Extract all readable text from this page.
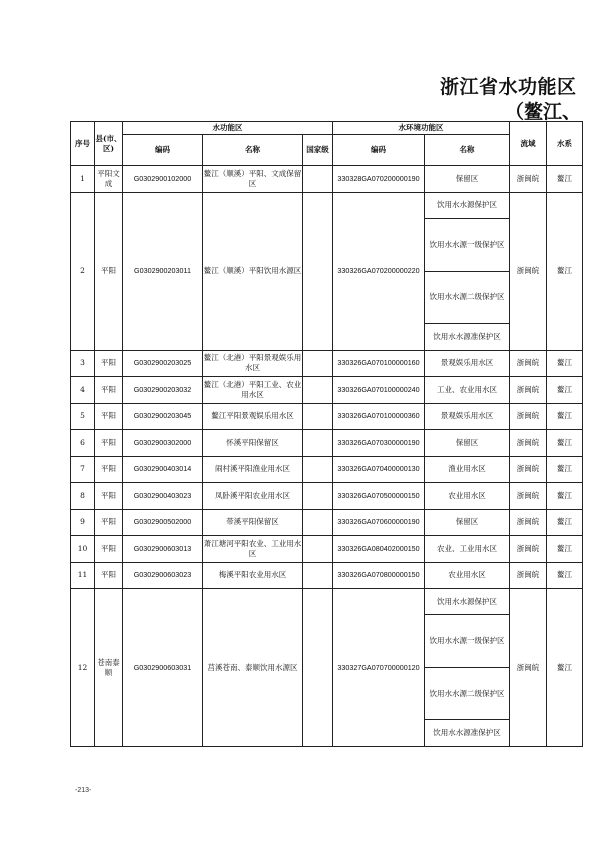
浙江省水功能区
（鳌江、
序号	县(市、区)	水功能区			水环境功能区		流域	水系
		编码	名称	国家级	编码	名称		
1	平阳文成	G0302900102000	鳌江（顺溪）平阳、文成保留区		330328GA070200000190	保留区	浙闽皖	鳌江
2	平阳	G0302900203011	鳌江（顺溪）平阳饮用水源区		330326GA070200000220	饮用水水源保护区	浙闽皖	鳌江
						饮用水水源一级保护区		
						饮用水水源二级保护区		
						饮用水水源准保护区		
3	平阳	G0302900203025	鳌江（北港）平阳景观娱乐用水区		330326GA070100000160	景观娱乐用水区	浙闽皖	鳌江
4	平阳	G0302900203032	鳌江（北港）平阳工业、农业用水区		330326GA070100000240	工业、农业用水区	浙闽皖	鳌江
5	平阳	G0302900203045	鳌江平阳景观娱乐用水区		330326GA070100000360	景观娱乐用水区	浙闽皖	鳌江
6	平阳	G0302900302000	怀溪平阳保留区		330326GA070300000190	保留区	浙闽皖	鳌江
7	平阳	G0302900403014	闹村溪平阳渔业用水区		330326GA070400000130	渔业用水区	浙闽皖	鳌江
8	平阳	G0302900403023	凤卧溪平阳农业用水区		330326GA070500000150	农业用水区	浙闽皖	鳌江
9	平阳	G0302900502000	带溪平阳保留区		330326GA070600000190	保留区	浙闽皖	鳌江
10	平阳	G0302900603013	萧江塘河平阳农业、工业用水区		330326GA080402000150	农业、工业用水区	浙闽皖	鳌江
11	平阳	G0302900603023	梅溪平阳农业用水区		330326GA070800000150	农业用水区	浙闽皖	鳌江
12	苍南泰顺	G0302900603031	莒溪苍南、泰顺饮用水源区		330327GA070700000120	饮用水水源保护区	浙闽皖	鳌江
						饮用水水源一级保护区		
						饮用水水源二级保护区		
						饮用水水源准保护区		
-213-
